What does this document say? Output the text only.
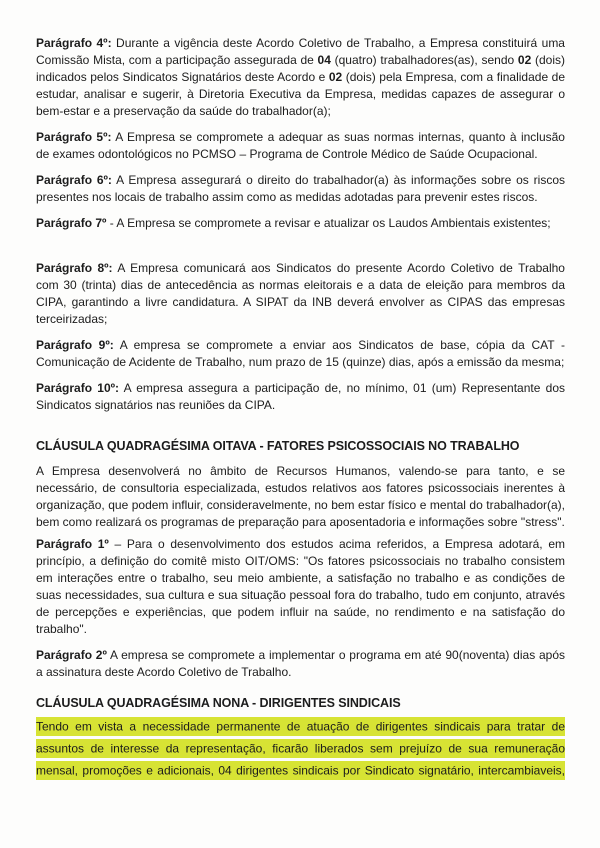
Parágrafo 4º: Durante a vigência deste Acordo Coletivo de Trabalho, a Empresa constituirá uma Comissão Mista, com a participação assegurada de 04 (quatro) trabalhadores(as), sendo 02 (dois) indicados pelos Sindicatos Signatários deste Acordo e 02 (dois) pela Empresa, com a finalidade de estudar, analisar e sugerir, à Diretoria Executiva da Empresa, medidas capazes de assegurar o bem-estar e a preservação da saúde do trabalhador(a);
Parágrafo 5º: A Empresa se compromete a adequar as suas normas internas, quanto à inclusão de exames odontológicos no PCMSO – Programa de Controle Médico de Saúde Ocupacional.
Parágrafo 6º: A Empresa assegurará o direito do trabalhador(a) às informações sobre os riscos presentes nos locais de trabalho assim como as medidas adotadas para prevenir estes riscos.
Parágrafo 7º - A Empresa se compromete a revisar e atualizar os Laudos Ambientais existentes;
Parágrafo 8º: A Empresa comunicará aos Sindicatos do presente Acordo Coletivo de Trabalho com 30 (trinta) dias de antecedência as normas eleitorais e a data de eleição para membros da CIPA, garantindo a livre candidatura. A SIPAT da INB deverá envolver as CIPAS das empresas terceirizadas;
Parágrafo 9º: A empresa se compromete a enviar aos Sindicatos de base, cópia da CAT - Comunicação de Acidente de Trabalho, num prazo de 15 (quinze) dias, após a emissão da mesma;
Parágrafo 10º: A empresa assegura a participação de, no mínimo, 01 (um) Representante dos Sindicatos signatários nas reuniões da CIPA.
CLÁUSULA QUADRAGÉSIMA OITAVA - FATORES PSICOSSOCIAIS NO TRABALHO
A Empresa desenvolverá no âmbito de Recursos Humanos, valendo-se para tanto, e se necessário, de consultoria especializada, estudos relativos aos fatores psicossociais inerentes à organização, que podem influir, consideravelmente, no bem estar físico e mental do trabalhador(a), bem como realizará os programas de preparação para aposentadoria e informações sobre "stress".
Parágrafo 1º – Para o desenvolvimento dos estudos acima referidos, a Empresa adotará, em princípio, a definição do comitê misto OIT/OMS: "Os fatores psicossociais no trabalho consistem em interações entre o trabalho, seu meio ambiente, a satisfação no trabalho e as condições de suas necessidades, sua cultura e sua situação pessoal fora do trabalho, tudo em conjunto, através de percepções e experiências, que podem influir na saúde, no rendimento e na satisfação do trabalho".
Parágrafo 2º A empresa se compromete a implementar o programa em até 90(noventa) dias após a assinatura deste Acordo Coletivo de Trabalho.
CLÁUSULA QUADRAGÉSIMA NONA - DIRIGENTES SINDICAIS
Tendo em vista a necessidade permanente de atuação de dirigentes sindicais para tratar de assuntos de interesse da representação, ficarão liberados sem prejuízo de sua remuneração mensal, promoções e adicionais, 04 dirigentes sindicais por Sindicato signatário, intercambiaveis,
